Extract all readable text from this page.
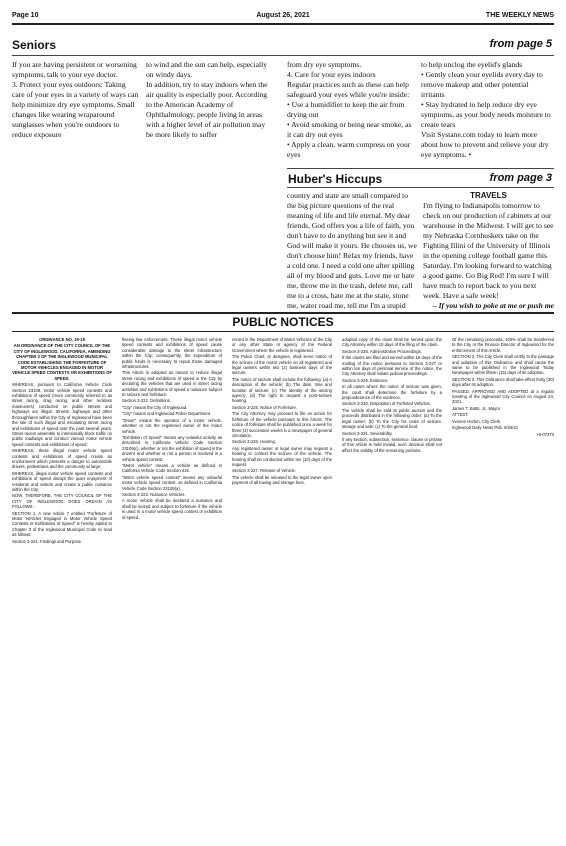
Page 10	August 26, 2021	THE WEEKLY NEWS
Seniors	from page 5

If you are having persistent or worsening symptoms, talk to your eye doctor.

3. Protect your eyes outdoors: Taking care of your eyes in a variety of ways can help minimize dry eye symptoms. Small changes like wearing wraparound sunglasses when you're outdoors to reduce exposure

to wind and the sun can help, especially on windy days.

In addition, try to stay indoors when the air quality is especially poor. According to the American Academy of Ophthalmology, people living in areas with a higher level of air pollution may be more likely to suffer

from dry eye symptoms.

4. Care for your eyes indoors

Regular practices such as these can help safeguard your eyes while you're inside:

• Use a humidifier to keep the air from drying out

• Avoid smoking or being near smoke, as it can dry out eyes

• Apply a clean, warm compress on your eyes

to help unclog the eyelid's glands

• Gently clean your eyelids every day to remove makeup and other potential irritants

• Stay hydrated to help reduce dry eye symptoms, as your body needs moisture to create tears

Visit Systane.com today to learn more about how to prevent and relieve your dry eye symptoms. •

Huber's Hiccups	from page 3

country and state are small compared to the big picture questions of the real meaning of life and life eternal. My dear friends, God offers you a life of faith, you don't have to do anything but see it and God will make it yours. He chooses us, we don't choose him! Relax my friends, have a cold one. I need a cold one after spilling all of my blood and guts. Love me or hate me, throw me in the trash, delete me, call me to a cross, hate me at the state, stone me, water road me, tell me I'm a stupid

TRAVELS

I'm flying to Indianapolis tomorrow to check on our production of cabinets at our warehouse in the Midwest. I will get to see my Nebraska Cornhuskers take on the Fighting Illini of the University of Illinois in the opening college football game this Saturday. I'm looking forward to watching a good game. Go Big Red! I'm sure I will have much to report back to you next week. Have a safe week!

– If you wish to poke at me or push me

PUBLIC NOTICES

ORDINANCE NO. 19-19

AN ORDINANCE OF THE CITY COUNCIL OF THE CITY OF INGLEWOOD, CALIFORNIA, AMENDING CHAPTER 3 OF THE INGLEWOOD MUNICIPAL CODE ESTABLISHING THE FORFEITURE OF MOTOR VEHICLES ENGAGED IN MOTOR VEHICLE SPEED CONTESTS OR EXHIBITIONS OF SPEED.

WHEREAS, pursuant to California Vehicle Code Section 23109, motor vehicle speed contests and exhibitions of speed (more commonly referred to as street racing, drag racing, and other reckless maneuvers) conducted on public streets and highways are illegal. Streets, highways and other thoroughfares within the City of Inglewood have been the site of such illegal and escalating street racing and exhibitions of speed over the past several years. Street racers assemble to intentionally block traffic on public roadways and conduct various motor vehicle speed contests and exhibitions of speed;

WHEREAS, these illegal motor vehicle speed contests and exhibitions of speed create an environment which presents a danger to automobile drivers, pedestrians and the community at large;

WHEREAS, illegal motor vehicle speed contests and exhibitions of speed disrupt the quiet enjoyment of residents and visitors and create a public nuisance within the City;

NOW, THEREFORE, THE CITY COUNCIL OF THE CITY OF INGLEWOOD DOES ORDAIN AS FOLLOWS:

SECTION 1. A new Article 7 entitled "Forfeiture of Motor Vehicles Engaged in Motor Vehicle Speed Contests or Exhibitions of Speed" is hereby added to Chapter 3 of the Inglewood Municipal Code to read as follows:

Section 3-221. Findings and Purpose.

fleeing law enforcement. These illegal motor vehicle speed contests and exhibitions of speed cause considerable damage to the street infrastructure within the City; consequently, the expenditure of public funds is necessary to repair these damaged infrastructures.

This Article is adopted as means to reduce illegal street racing and exhibitions of speed in the City by declaring the vehicles that are used in street racing activities and exhibitions of speed a nuisance subject to seizure and forfeiture.

Section 3-222. Definitions.

"City" means the City of Inglewood.

"City" means and Inglewood Police Department.

"Driver" means the operator of a motor vehicle, whether or not the registered owner of the motor vehicle.

"Exhibition of Speed" means any unlawful activity as described in California Vehicle Code Section 23109(c), whether or not the exhibition of speed is the driver's and whether or not a person is involved in a vehicle speed contest.

"Motor vehicle" means a vehicle as defined in California Vehicle Code Section 415.

"Motor vehicle speed contest" means any unlawful motor vehicle speed contest, as defined in California Vehicle Code Section 23109(a).

Section 3-223. Nuisance Vehicles.

A motor vehicle shall be declared a nuisance and shall be seized and subject to forfeiture if the vehicle is used in a motor vehicle speed contest or exhibition of speed.

record in the Department of Motor Vehicles of the City or any other State or agency of the Federal Government where the vehicle is registered.

The Police Chief, or designee, shall serve notice of the seizure of the motor vehicle on all registered and legal owners within two (2) business days of the seizure.

The notice of seizure shall include the following: (a) A description of the vehicle; (b) The date, time and location of seizure; (c) The identity of the seizing agency; (d) The right to request a post-seizure hearing.

Section 3-225. Notice of Forfeiture.

The City Attorney may proceed to file an action for forfeiture of the vehicle pursuant to this Article. The notice of forfeiture shall be published once a week for three (3) successive weeks in a newspaper of general circulation.

Section 3-226. Hearing.

Any registered owner or legal owner may request a hearing to contest the seizure of the vehicle. The hearing shall be conducted within ten (10) days of the request.

Section 3-227. Release of Vehicle.

The vehicle shall be released to the legal owner upon payment of all towing and storage fees.

adopted copy of the claim shall be served upon the City Attorney within 10 days of the filing of the claim.

Section 3-228. Administrative Proceedings.

If the claims are filed and served within 15 days of the mailing of the notice pursuant to Section 3-227 or within ten days of personal service of the notice, the City Attorney shall initiate judicial proceedings.

Section 3-229. Evidence.

In all cases where the notice of seizure was given, the court shall determine the forfeiture by a preponderance of the evidence.

Section 3-230. Disposition of Forfeited Vehicles.

The vehicle shall be sold at public auction and the proceeds distributed in the following order: (a) To the legal owner; (b) To the City for costs of seizure, storage and sale; (c) To the general fund.

Section 3-231. Severability.

If any section, subsection, sentence, clause or phrase of this Article is held invalid, such decision shall not affect the validity of the remaining portions.

Of the remaining proceeds, 100% shall be transferred to the City or the Finance Director of Inglewood for the enforcement of this Article.

SECTION 2. The City Clerk shall certify to the passage and adoption of this Ordinance and shall cause the same to be published in the Inglewood Today Newspaper within fifteen (15) days of its adoption.

SECTION 3. This Ordinance shall take effect thirty (30) days after its adoption.

PASSED, APPROVED AND ADOPTED at a regular meeting of the Inglewood City Council on August 24, 2021.

James T. Butts, Jr., Mayor

ATTEST:

Yvonne Horton, City Clerk

Inglewood Daily News Pub. 8/26/21

HI-07373
